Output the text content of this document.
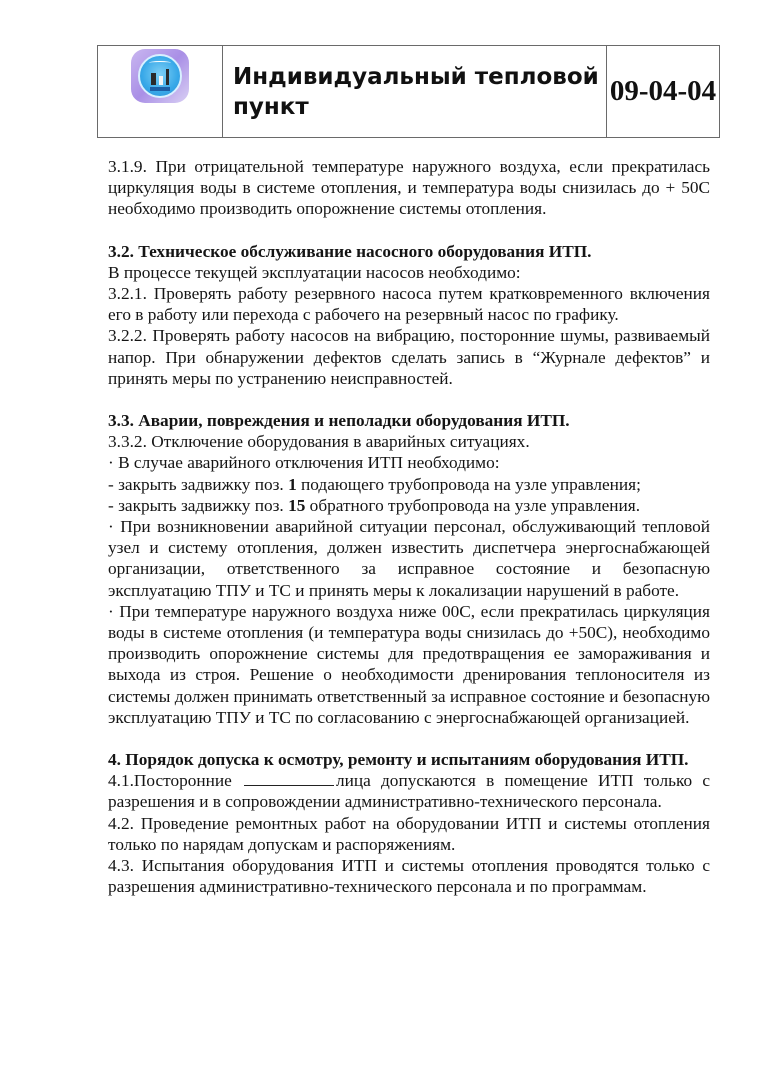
Индивидуальный тепловой пункт	09-04-04

3.1.9. При отрицательной температуре наружного воздуха, если прекратилась циркуляция воды в системе отопления, и температура воды снизилась до + 50С необходимо производить опорожнение системы отопления.

3.2. Техническое обслуживание насосного оборудования ИТП.

В процессе текущей эксплуатации насосов необходимо:

3.2.1. Проверять работу резервного насоса путем кратковременного включения его в работу или перехода с рабочего на резервный насос по графику.

3.2.2. Проверять работу насосов на вибрацию, посторонние шумы, развиваемый напор. При обнаружении дефектов сделать запись в “Журнале дефектов” и принять меры по устранению неисправностей.

3.3. Аварии, повреждения и неполадки оборудования ИТП.

3.3.2. Отключение оборудования в аварийных ситуациях.

· В случае аварийного отключения ИТП необходимо:

- закрыть задвижку поз. 1 подающего трубопровода на узле управления;

- закрыть задвижку поз. 15 обратного трубопровода на узле управления.

· При возникновении аварийной ситуации персонал, обслуживающий тепловой узел и систему отопления, должен известить диспетчера энергоснабжающей организации, ответственного за исправное состояние и безопасную эксплуатацию ТПУ и ТС и принять меры к локализации нарушений в работе.

· При температуре наружного воздуха ниже 00С, если прекратилась циркуляция воды в системе отопления (и температура воды снизилась до +50С), необходимо производить опорожнение системы для предотвращения ее замораживания и выхода из строя. Решение о необходимости дренирования теплоносителя из системы должен принимать ответственный за исправное состояние и безопасную эксплуатацию ТПУ и ТС по согласованию с энергоснабжающей организацией.

4. Порядок допуска к осмотру, ремонту и испытаниям оборудования ИТП.

4.1.Посторонние	лица допускаются в помещение ИТП только с разрешения и в сопровождении административно-технического персонала.

4.2. Проведение ремонтных работ на оборудовании ИТП и системы отопления только по нарядам допускам и распоряжениям.

4.3. Испытания оборудования ИТП и системы отопления проводятся только с разрешения административно-технического персонала и по программам.
